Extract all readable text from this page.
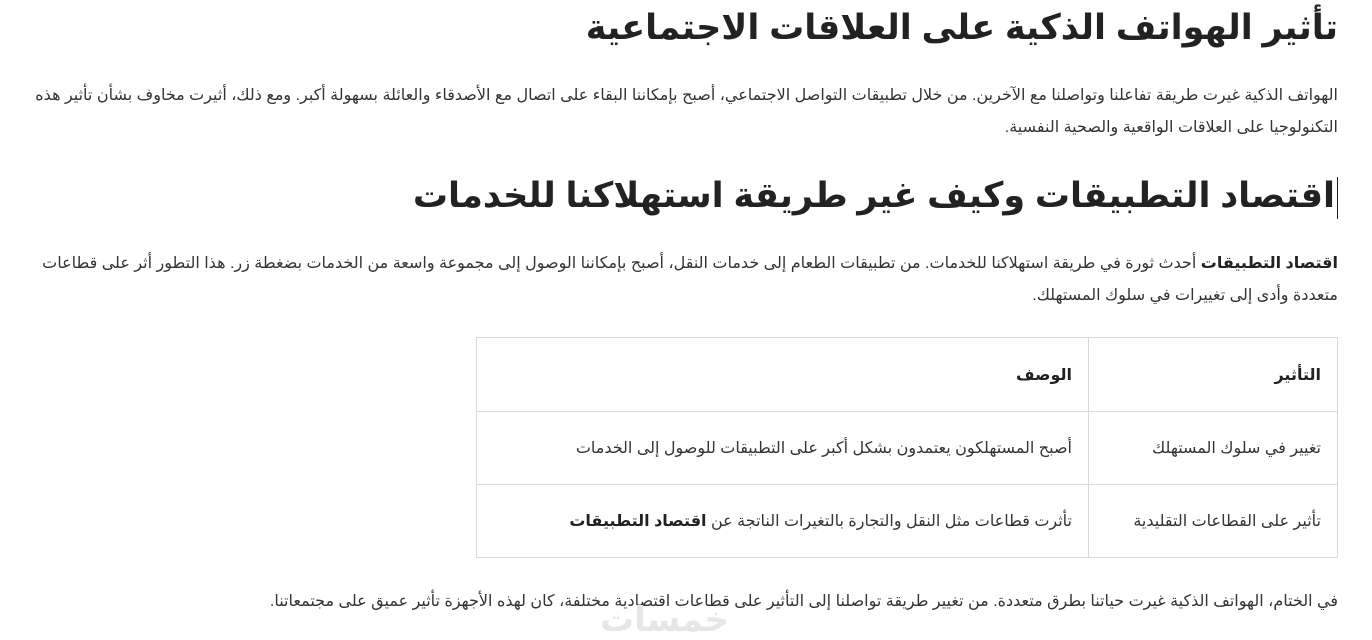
تأثير الهواتف الذكية على العلاقات الاجتماعية

الهواتف الذكية غيرت طريقة تفاعلنا وتواصلنا مع الآخرين. من خلال تطبيقات التواصل الاجتماعي، أصبح بإمكاننا البقاء على اتصال مع الأصدقاء والعائلة بسهولة أكبر. ومع ذلك، أثيرت مخاوف بشأن تأثير هذه التكنولوجيا على العلاقات الواقعية والصحية النفسية.

اقتصاد التطبيقات وكيف غير طريقة استهلاكنا للخدمات

اقتصاد التطبيقات أحدث ثورة في طريقة استهلاكنا للخدمات. من تطبيقات الطعام إلى خدمات النقل، أصبح بإمكاننا الوصول إلى مجموعة واسعة من الخدمات بضغطة زر. هذا التطور أثر على قطاعات متعددة وأدى إلى تغييرات في سلوك المستهلك.

التأثير	الوصف
تغيير في سلوك المستهلك	أصبح المستهلكون يعتمدون بشكل أكبر على التطبيقات للوصول إلى الخدمات
تأثير على القطاعات التقليدية	تأثرت قطاعات مثل النقل والتجارة بالتغيرات الناتجة عن اقتصاد التطبيقات

في الختام، الهواتف الذكية غيرت حياتنا بطرق متعددة. من تغيير طريقة تواصلنا إلى التأثير على قطاعات اقتصادية مختلفة، كان لهذه الأجهزة تأثير عميق على مجتمعاتنا.

خمسات
